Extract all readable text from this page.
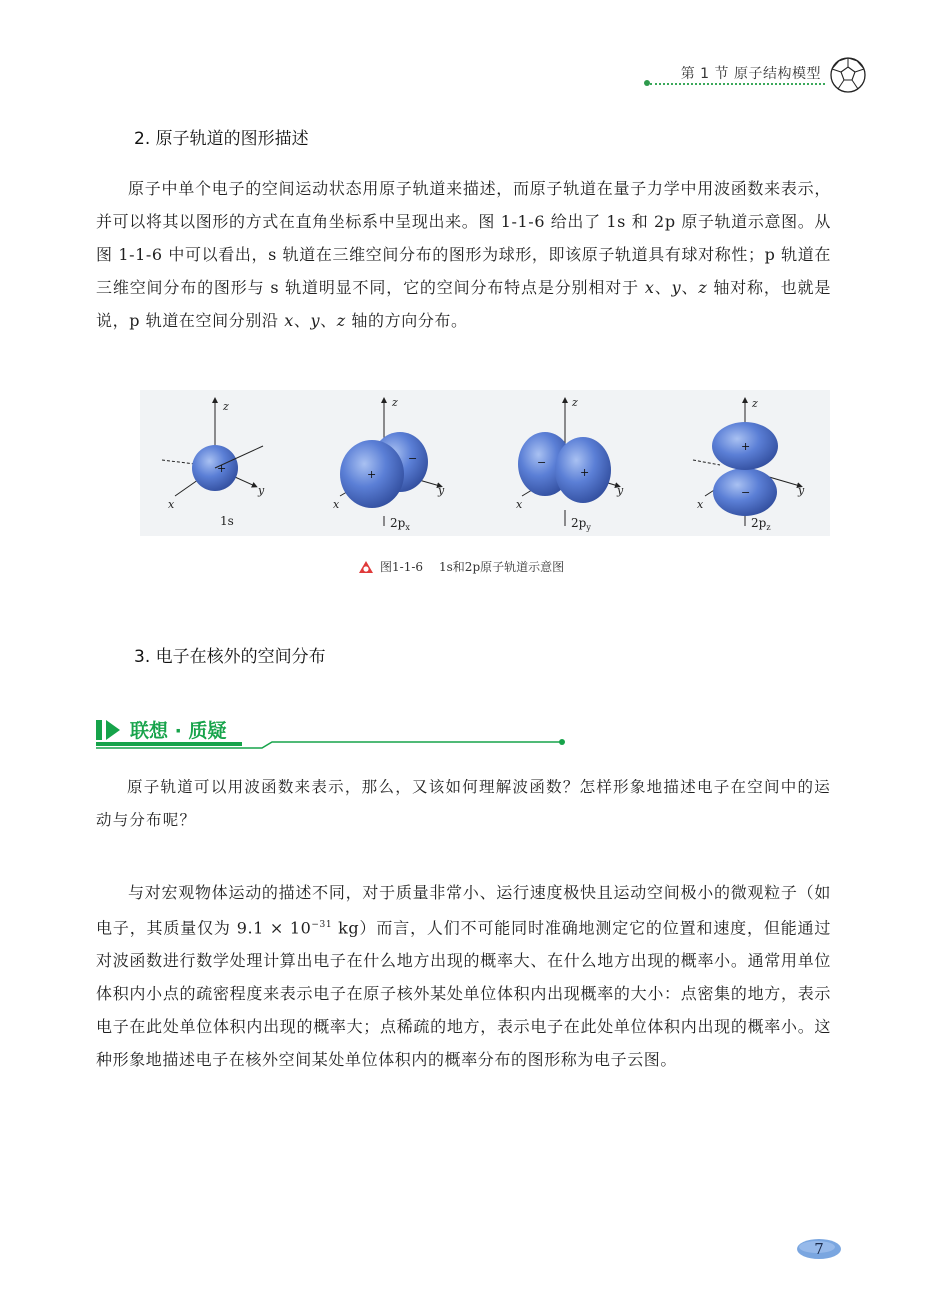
第 1 节 原子结构模型
2. 原子轨道的图形描述

原子中单个电子的空间运动状态用原子轨道来描述，而原子轨道在量子力学中用波函数来表示，并可以将其以图形的方式在直角坐标系中呈现出来。图 1-1-6 给出了 1s 和 2p 原子轨道示意图。从图 1-1-6 中可以看出，s 轨道在三维空间分布的图形为球形，即该原子轨道具有球对称性；p 轨道在三维空间分布的图形与 s 轨道明显不同，它的空间分布特点是分别相对于 x、y、z 轴对称，也就是说，p 轨道在空间分别沿 x、y、z 轴的方向分布。

+
z
y
x
1s
+
−
z
y
x
$2p_x$
−
+
z
y
x
$2p_y$
+
−
z
y
x
$2p_z$
图1-1-6 1s和2p原子轨道示意图
3. 电子在核外的空间分布
联想 · 质疑

原子轨道可以用波函数来表示，那么，又该如何理解波函数？怎样形象地描述电子在空间中的运动与分布呢？

与对宏观物体运动的描述不同，对于质量非常小、运行速度极快且运动空间极小的微观粒子（如电子，其质量仅为 $9.1 \times 10^{-31}$ kg）而言，人们不可能同时准确地测定它的位置和速度，但能通过对波函数进行数学处理计算出电子在什么地方出现的概率大、在什么地方出现的概率小。通常用单位体积内小点的疏密程度来表示电子在原子核外某处单位体积内出现概率的大小：点密集的地方，表示电子在此处单位体积内出现的概率大；点稀疏的地方，表示电子在此处单位体积内出现的概率小。这种形象地描述电子在核外空间某处单位体积内的概率分布的图形称为电子云图。

7
